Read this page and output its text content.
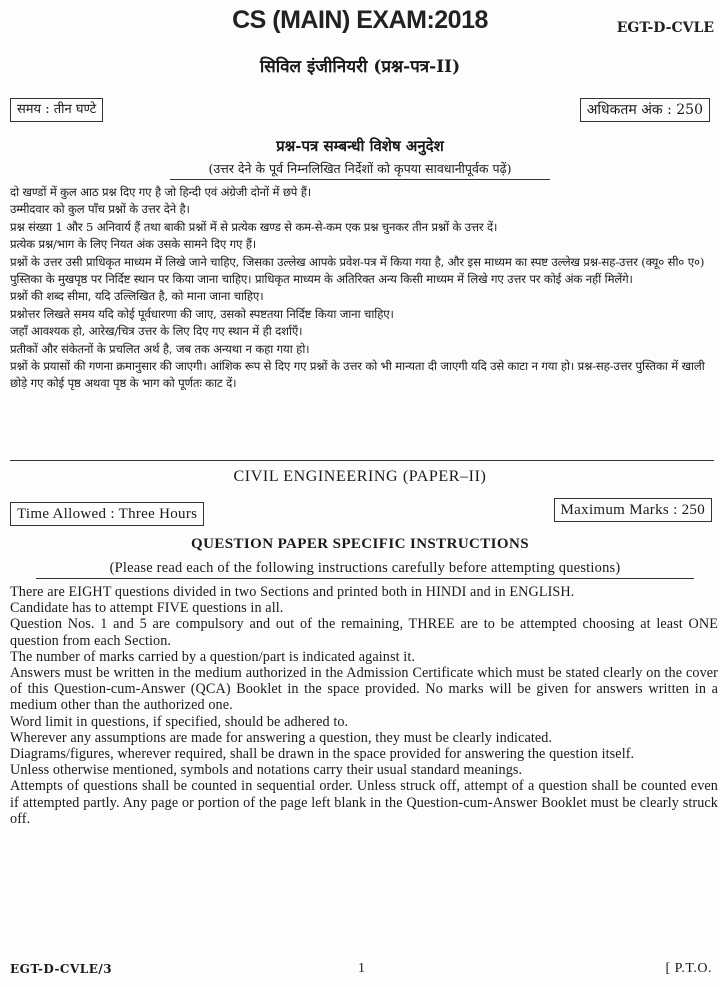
CS (MAIN) EXAM:2018	EGT-D-CVLE
सिविल इंजीनियरी (प्रश्न-पत्र-II)
समय : तीन घण्टे	अधिकतम अंक : 250
प्रश्न-पत्र सम्बन्धी विशेष अनुदेश
(उत्तर देने के पूर्व निम्नलिखित निर्देशों को कृपया सावधानीपूर्वक पढ़ें)
दो खण्डों में कुल आठ प्रश्न दिए गए है जो हिन्दी एवं अंग्रेजी दोनों में छपे हैं।
उम्मीदवार को कुल पाँच प्रश्नों के उत्तर देने है।
प्रश्न संख्या 1 और 5 अनिवार्य हैं तथा बाकी प्रश्नों में से प्रत्येक खण्ड से कम-से-कम एक प्रश्न चुनकर तीन प्रश्नों के उत्तर दें।
प्रत्येक प्रश्न/भाग के लिए नियत अंक उसके सामने दिए गए हैं।
प्रश्नों के उत्तर उसी प्राधिकृत माध्यम में लिखे जाने चाहिए, जिसका उल्लेख आपके प्रवेश-पत्र में किया गया है, और इस माध्यम का स्पष्ट उल्लेख प्रश्न-सह-उत्तर (क्यू० सी० ए०) पुस्तिका के मुखपृष्ठ पर निर्दिष्ट स्थान पर किया जाना चाहिए। प्राधिकृत माध्यम के अतिरिक्त अन्य किसी माध्यम में लिखे गए उत्तर पर कोई अंक नहीं मिलेंगे।
प्रश्नों की शब्द सीमा, यदि उल्लिखित है, को माना जाना चाहिए।
प्रश्नोत्तर लिखते समय यदि कोई पूर्वधारणा की जाए, उसको स्पष्टतया निर्दिष्ट किया जाना चाहिए।
जहाँ आवश्यक हो, आरेख/चित्र उत्तर के लिए दिए गए स्थान में ही दर्शाएँ।
प्रतीकों और संकेतनों के प्रचलित अर्थ है, जब तक अन्यथा न कहा गया हो।
प्रश्नों के प्रयासों की गणना क्रमानुसार की जाएगी। आंशिक रूप से दिए गए प्रश्नों के उत्तर को भी मान्यता दी जाएगी यदि उसे काटा न गया हो। प्रश्न-सह-उत्तर पुस्तिका में खाली छोड़े गए कोई पृष्ठ अथवा पृष्ठ के भाग को पूर्णतः काट दें।
CIVIL ENGINEERING (PAPER–II)
Time Allowed : Three Hours	Maximum Marks : 250
QUESTION PAPER SPECIFIC INSTRUCTIONS
(Please read each of the following instructions carefully before attempting questions)
There are EIGHT questions divided in two Sections and printed both in HINDI and in ENGLISH.
Candidate has to attempt FIVE questions in all.
Question Nos. 1 and 5 are compulsory and out of the remaining, THREE are to be attempted choosing at least ONE question from each Section.
The number of marks carried by a question/part is indicated against it.
Answers must be written in the medium authorized in the Admission Certificate which must be stated clearly on the cover of this Question-cum-Answer (QCA) Booklet in the space provided. No marks will be given for answers written in a medium other than the authorized one.
Word limit in questions, if specified, should be adhered to.
Wherever any assumptions are made for answering a question, they must be clearly indicated.
Diagrams/figures, wherever required, shall be drawn in the space provided for answering the question itself.
Unless otherwise mentioned, symbols and notations carry their usual standard meanings.
Attempts of questions shall be counted in sequential order. Unless struck off, attempt of a question shall be counted even if attempted partly. Any page or portion of the page left blank in the Question-cum-Answer Booklet must be clearly struck off.
EGT-D-CVLE/3	1	[ P.T.O.
